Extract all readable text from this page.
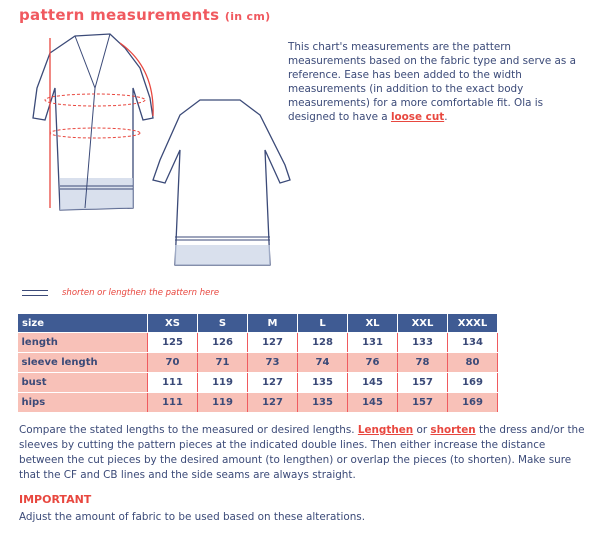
pattern measurements (in cm)
This chart's measurements are the pattern measurements based on the fabric type and serve as a reference. Ease has been added to the width measurements (in addition to the exact body measurements) for a more comfortable fit. Ola is designed to have a loose cut.
shorten or lengthen the pattern here
size	XS	S	M	L	XL	XXL	XXXL
length	125	126	127	128	131	133	134
sleeve length	70	71	73	74	76	78	80
bust	111	119	127	135	145	157	169
hips	111	119	127	135	145	157	169
Compare the stated lengths to the measured or desired lengths. Lengthen or shorten the dress and/or the sleeves by cutting the pattern pieces at the indicated double lines. Then either increase the distance between the cut pieces by the desired amount (to lengthen) or overlap the pieces (to shorten). Make sure that the CF and CB lines and the side seams are always straight.
IMPORTANT
Adjust the amount of fabric to be used based on these alterations.
